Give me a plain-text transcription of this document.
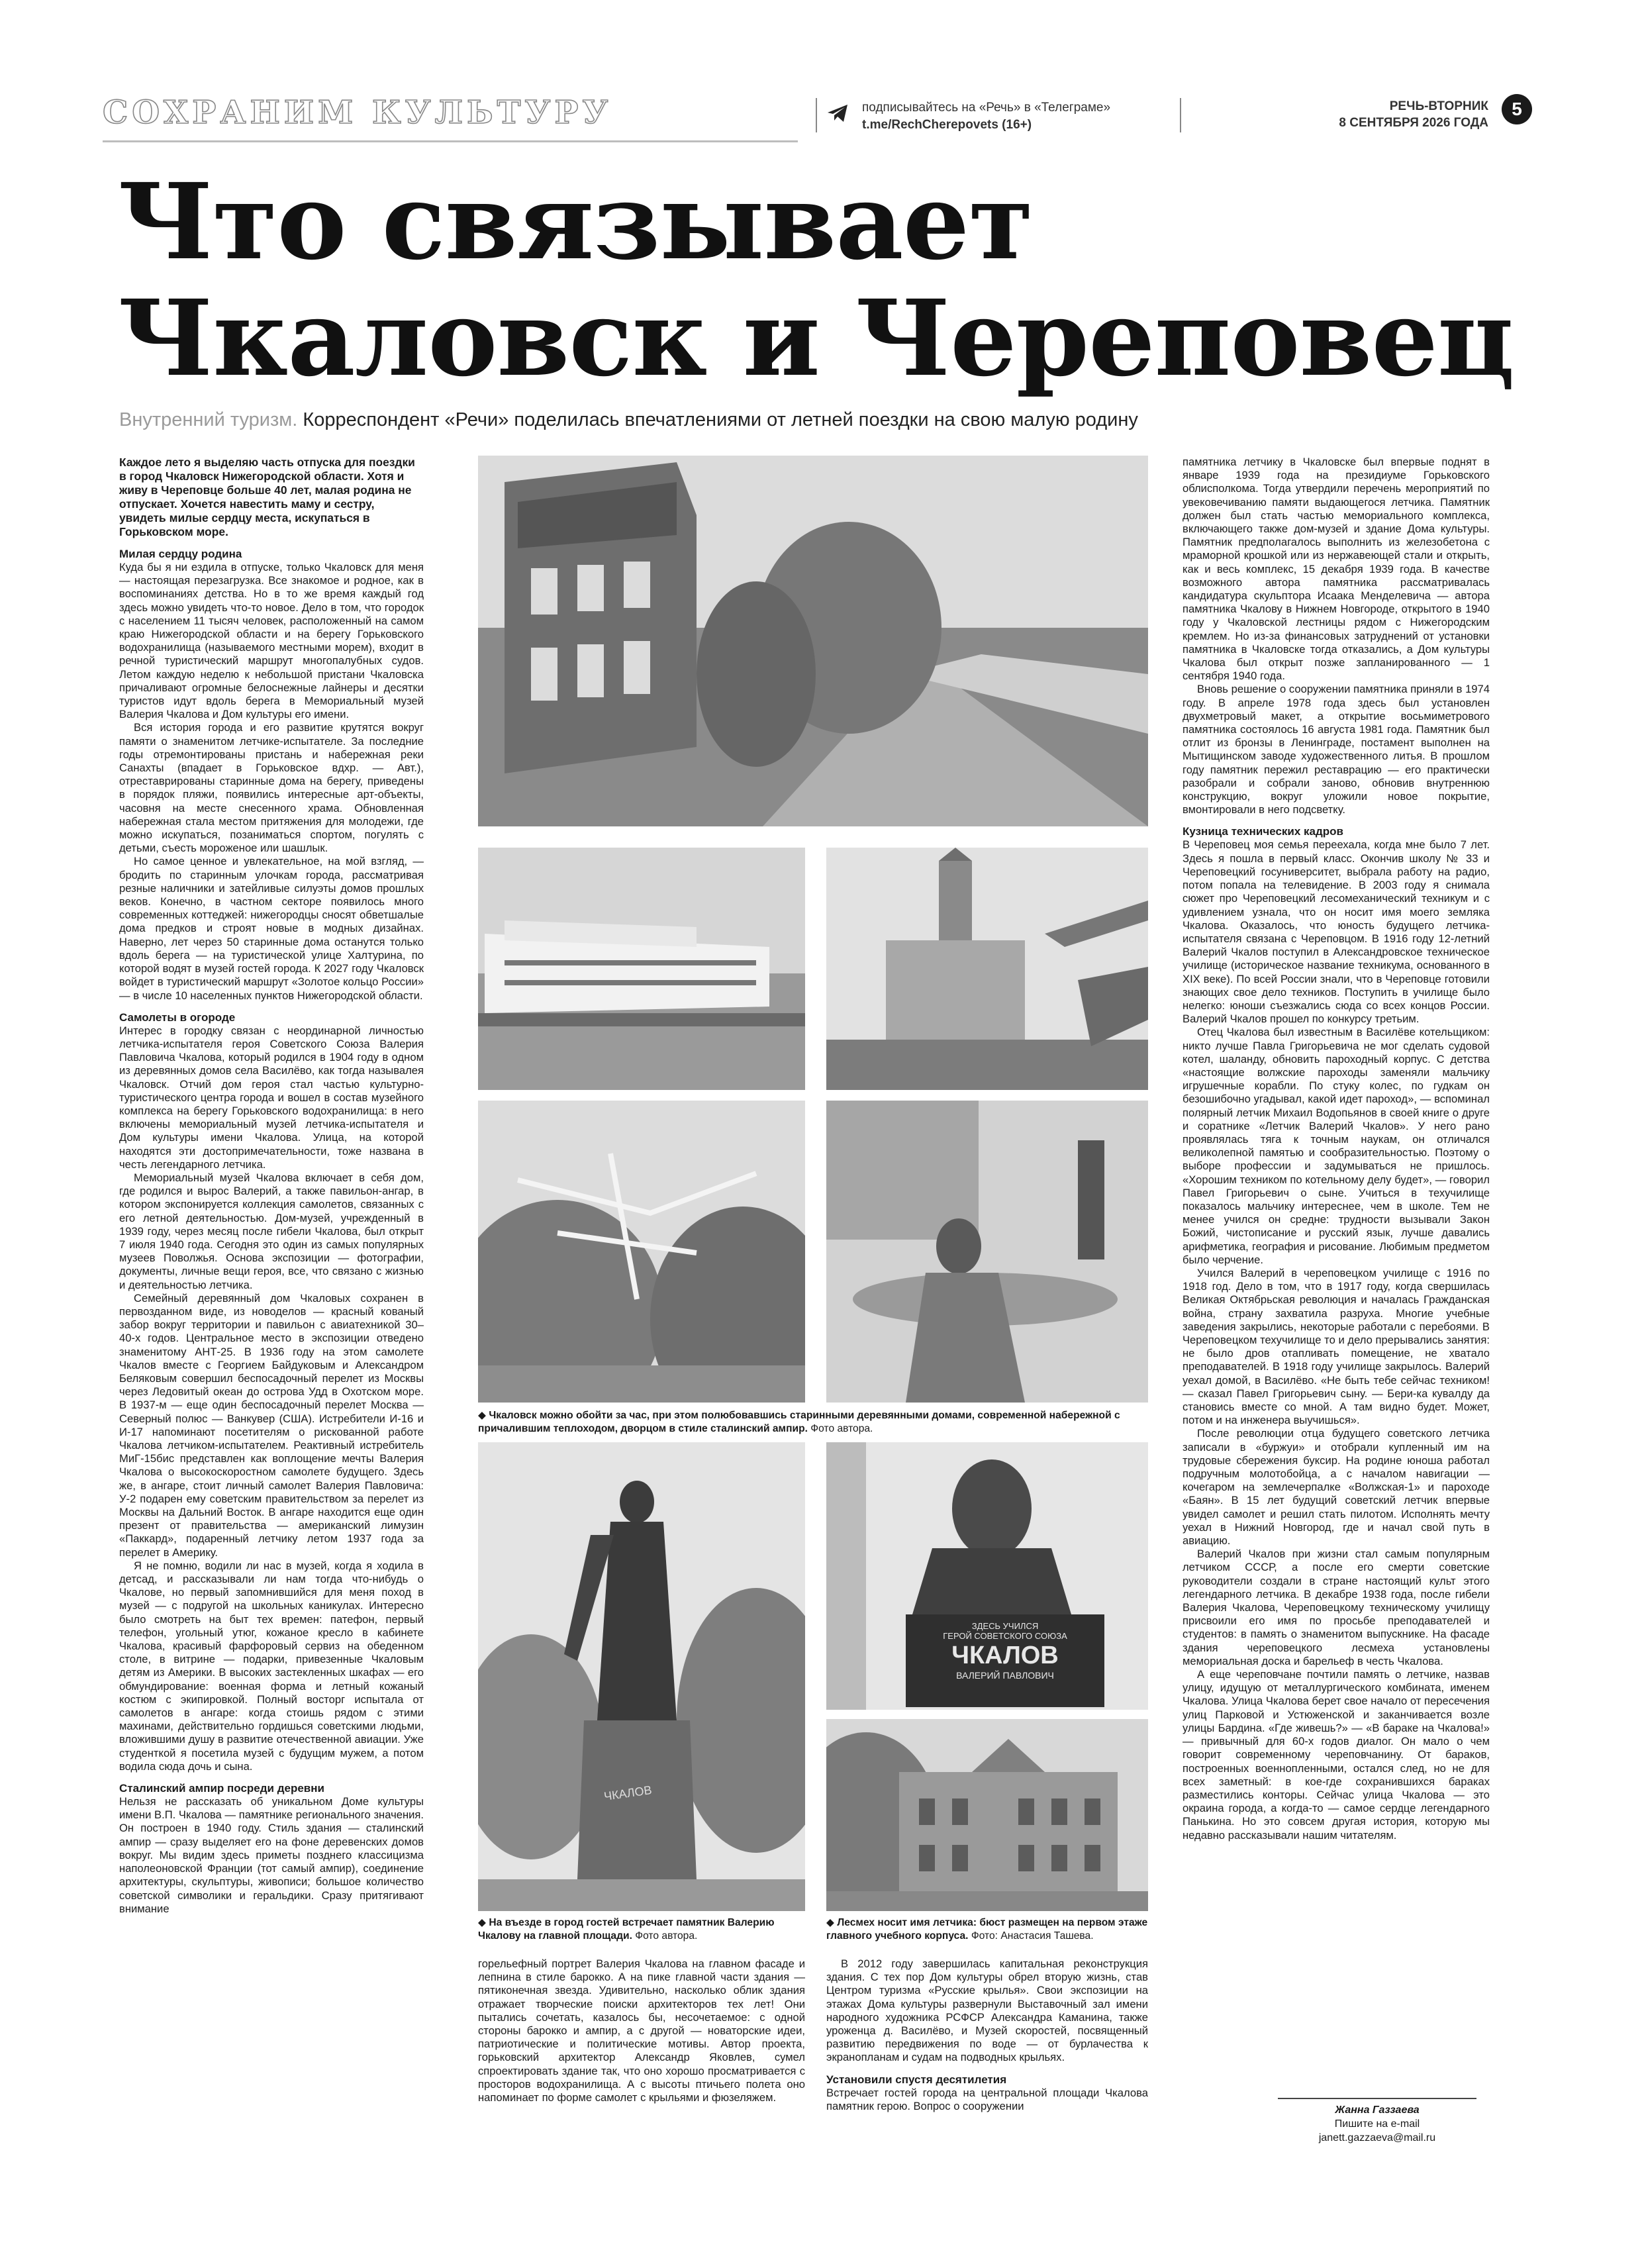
СОХРАНИМ КУЛЬТУРУ	подписывайтесь на «Речь» в «Телеграме»
t.me/RechCherepovets (16+)
РЕЧЬ-ВТОРНИК
8 СЕНТЯБРЯ 2026 ГОДА
5
Что связывает
Чкаловск и Череповец
Внутренний туризм. Корреспондент «Речи» поделилась впечатлениями от летней поездки на свою малую родину

Каждое лето я выделяю часть отпуска для поездки в город Чкаловск Нижегородской области. Хотя и живу в Череповце больше 40 лет, малая родина не отпускает. Хочется навестить маму и сестру, увидеть милые сердцу места, искупаться в Горьковском море.

Милая сердцу родина

Куда бы я ни ездила в отпуске, только Чкаловск для меня — настоящая перезагрузка. Все знакомое и родное, как в воспоминаниях детства. Но в то же время каждый год здесь можно увидеть что-то новое. Дело в том, что городок с населением 11 тысяч человек, расположенный на самом краю Нижегородской области и на берегу Горьковского водохранилища (называемого местными морем), входит в речной туристический маршрут многопалубных судов. Летом каждую неделю к небольшой пристани Чкаловска причаливают огромные белоснежные лайнеры и десятки туристов идут вдоль берега в Мемориальный музей Валерия Чкалова и Дом культуры его имени.

Вся история города и его развитие крутятся вокруг памяти о знаменитом летчике-испытателе. За последние годы отремонтированы пристань и набережная реки Санахты (впадает в Горьковское вдхр. — Авт.), отреставрированы старинные дома на берегу, приведены в порядок пляжи, появились интересные арт-объекты, часовня на месте снесенного храма. Обновленная набережная стала местом притяжения для молодежи, где можно искупаться, позаниматься спортом, погулять с детьми, съесть мороженое или шашлык.

Но самое ценное и увлекательное, на мой взгляд, — бродить по старинным улочкам города, рассматривая резные наличники и затейливые силуэты домов прошлых веков. Конечно, в частном секторе появилось много современных коттеджей: нижегородцы сносят обветшалые дома предков и строят новые в модных дизайнах. Наверно, лет через 50 старинные дома останутся только вдоль берега — на туристической улице Халтурина, по которой водят в музей гостей города. К 2027 году Чкаловск войдет в туристический маршрут «Золотое кольцо России» — в числе 10 населенных пунктов Нижегородской области.

Самолеты в огороде

Интерес в городку связан с неординарной личностью летчика-испытателя героя Советского Союза Валерия Павловича Чкалова, который родился в 1904 году в одном из деревянных домов села Василёво, как тогда называлея Чкаловск. Отчий дом героя стал частью культурно-туристического центра города и вошел в состав музейного комплекса на берегу Горьковского водохранилища: в него включены мемориальный музей летчика-испытателя и Дом культуры имени Чкалова. Улица, на которой находятся эти достопримечательности, тоже названа в честь легендарного летчика.

Мемориальный музей Чкалова включает в себя дом, где родился и вырос Валерий, а также павильон-ангар, в котором экспонируется коллекция самолетов, связанных с его летной деятельностью. Дом-музей, учрежденный в 1939 году, через месяц после гибели Чкалова, был открыт 7 июля 1940 года. Сегодня это один из самых популярных музеев Поволжья. Основа экспозиции — фотографии, документы, личные вещи героя, все, что связано с жизнью и деятельностью летчика.

Семейный деревянный дом Чкаловых сохранен в первозданном виде, из новоделов — красный кованый забор вокруг территории и павильон с авиатехникой 30–40-х годов. Центральное место в экспозиции отведено знаменитому АНТ-25. В 1936 году на этом самолете Чкалов вместе с Георгием Байдуковым и Александром Беляковым совершил беспосадочный перелет из Москвы через Ледовитый океан до острова Удд в Охотском море. В 1937-м — еще один беспосадочный перелет Москва — Северный полюс — Ванкувер (США). Истребители И-16 и И-17 напоминают посетителям о рискованной работе Чкалова летчиком-испытателем. Реактивный истребитель МиГ-15бис представлен как воплощение мечты Валерия Чкалова о высокоскоростном самолете будущего. Здесь же, в ангаре, стоит личный самолет Валерия Павловича: У-2 подарен ему советским правительством за перелет из Москвы на Дальний Восток. В ангаре находится еще один презент от правительства — американский лимузин «Паккард», подаренный летчику летом 1937 года за перелет в Америку.

Я не помню, водили ли нас в музей, когда я ходила в детсад, и рассказывали ли нам тогда что-нибудь о Чкалове, но первый запомнившийся для меня поход в музей — с подругой на школьных каникулах. Интересно было смотреть на быт тех времен: патефон, первый телефон, угольный утюг, кожаное кресло в кабинете Чкалова, красивый фарфоровый сервиз на обеденном столе, в витрине — подарки, привезенные Чкаловым детям из Америки. В высоких застекленных шкафах — его обмундирование: военная форма и летный кожаный костюм с экипировкой. Полный восторг испытала от самолетов в ангаре: когда стоишь рядом с этими махинами, действительно гордишься советскими людьми, вложившими душу в развитие отечественной авиации. Уже студенткой я посетила музей с будущим мужем, а потом водила сюда дочь и сына.

Сталинский ампир посреди деревни

Нельзя не рассказать об уникальном Доме культуры имени В.П. Чкалова — памятнике регионального значения. Он построен в 1940 году. Стиль здания — сталинский ампир — сразу выделяет его на фоне деревенских домов вокруг. Мы видим здесь приметы позднего классицизма наполеоновской Франции (тот самый ампир), соединение архитектуры, скульптуры, живописи; большое количество советской символики и геральдики. Сразу притягивают внимание

◆ Чкаловск можно обойти за час, при этом полюбовавшись старинными деревянными домами, современной набережной с причалившим теплоходом, дворцом в стиле сталинский ампир. Фото автора.
ЧКАЛОВ
ЗДЕСЬ УЧИЛСЯ
ГЕРОЙ СОВЕТСКОГО СОЮЗА
ЧКАЛОВ
ВАЛЕРИЙ ПАВЛОВИЧ
◆ На въезде в город гостей встречает памятник Валерию Чкалову на главной площади. Фото автора.
◆ Лесмех носит имя летчика: бюст размещен на первом этаже главного учебного корпуса. Фото: Анастасия Ташева.

горельефный портрет Валерия Чкалова на главном фасаде и лепнина в стиле барокко. А на пике главной части здания — пятиконечная звезда. Удивительно, насколько облик здания отражает творческие поиски архитекторов тех лет! Они пытались сочетать, казалось бы, несочетаемое: с одной стороны барокко и ампир, а с другой — новаторские идеи, патриотические и политические мотивы. Автор проекта, горьковский архитектор Александр Яковлев, сумел спроектировать здание так, что оно хорошо просматривается с просторов водохранилища. А с высоты птичьего полета оно напоминает по форме самолет с крыльями и фюзеляжем.

В 2012 году завершилась капитальная реконструкция здания. С тех пор Дом культуры обрел вторую жизнь, став Центром туризма «Русские крылья». Свои экспозиции на этажах Дома культуры развернули Выставочный зал имени народного художника РСФСР Александра Каманина, также уроженца д. Василёво, и Музей скоростей, посвященный развитию передвижения по воде — от бурлачества к экранопланам и судам на подводных крыльях.

Установили спустя десятилетия

Встречает гостей города на центральной площади Чкалова памятник герою. Вопрос о сооружении

памятника летчику в Чкаловске был впервые поднят в январе 1939 года на президиуме Горьковского облисполкома. Тогда утвердили перечень мероприятий по увековечиванию памяти выдающегося летчика. Памятник должен был стать частью мемориального комплекса, включающего также дом-музей и здание Дома культуры. Памятник предполагалось выполнить из железобетона с мраморной крошкой или из нержавеющей стали и открыть, как и весь комплекс, 15 декабря 1939 года. В качестве возможного автора памятника рассматривалась кандидатура скульптора Исаака Менделевича — автора памятника Чкалову в Нижнем Новгороде, открытого в 1940 году у Чкаловской лестницы рядом с Нижегородским кремлем. Но из-за финансовых затруднений от установки памятника в Чкаловске тогда отказались, а Дом культуры Чкалова был открыт позже запланированного — 1 сентября 1940 года.

Вновь решение о сооружении памятника приняли в 1974 году. В апреле 1978 года здесь был установлен двухметровый макет, а открытие восьмиметрового памятника состоялось 16 августа 1981 года. Памятник был отлит из бронзы в Ленинграде, постамент выполнен на Мытищинском заводе художественного литья. В прошлом году памятник пережил реставрацию — его практически разобрали и собрали заново, обновив внутреннюю конструкцию, вокруг уложили новое покрытие, вмонтировали в него подсветку.

Кузница технических кадров

В Череповец моя семья переехала, когда мне было 7 лет. Здесь я пошла в первый класс. Окончив школу № 33 и Череповецкий госуниверситет, выбрала работу на радио, потом попала на телевидение. В 2003 году я снимала сюжет про Череповецкий лесомеханический техникум и с удивлением узнала, что он носит имя моего земляка Чкалова. Оказалось, что юность будущего летчика-испытателя связана с Череповцом. В 1916 году 12-летний Валерий Чкалов поступил в Александровское техническое училище (историческое название техникума, основанного в XIX веке). По всей России знали, что в Череповце готовили знающих свое дело техников. Поступить в училище было нелегко: юноши съезжались сюда со всех концов России. Валерий Чкалов прошел по конкурсу третьим.

Отец Чкалова был известным в Василёве котельщиком: никто лучше Павла Григорьевича не мог сделать судовой котел, шаланду, обновить пароходный корпус. С детства «настоящие волжские пароходы заменяли мальчику игрушечные корабли. По стуку колес, по гудкам он безошибочно угадывал, какой идет пароход», — вспоминал полярный летчик Михаил Водопьянов в своей книге о друге и соратнике «Летчик Валерий Чкалов». У него рано проявлялась тяга к точным наукам, он отличался великолепной памятью и сообразительностью. Поэтому о выборе профессии и задумываться не пришлось. «Хорошим техником по котельному делу будет», — говорил Павел Григорьевич о сыне. Учиться в техучилище показалось мальчику интереснее, чем в школе. Тем не менее учился он средне: трудности вызывали Закон Божий, чистописание и русский язык, лучше давались арифметика, география и рисование. Любимым предметом было черчение.

Учился Валерий в череповецком училище с 1916 по 1918 год. Дело в том, что в 1917 году, когда свершилась Великая Октябрьская революция и началась Гражданская война, страну захватила разруха. Многие учебные заведения закрылись, некоторые работали с перебоями. В Череповецком техучилище то и дело прерывались занятия: не было дров отапливать помещение, не хватало преподавателей. В 1918 году училище закрылось. Валерий уехал домой, в Василёво. «Не быть тебе сейчас техником! — сказал Павел Григорьевич сыну. — Бери-ка кувалду да становись вместе со мной. А там видно будет. Может, потом и на инженера выучишься».

После революции отца будущего советского летчика записали в «буржуи» и отобрали купленный им на трудовые сбережения буксир. На родине юноша работал подручным молотобойца, а с началом навигации — кочегаром на землечерпалке «Волжская-1» и пароходе «Баян». В 15 лет будущий советский летчик впервые увидел самолет и решил стать пилотом. Исполнять мечту уехал в Нижний Новгород, где и начал свой путь в авиацию.

Валерий Чкалов при жизни стал самым популярным летчиком СССР, а после его смерти советские руководители создали в стране настоящий культ этого легендарного летчика. В декабре 1938 года, после гибели Валерия Чкалова, Череповецкому техническому училищу присвоили его имя по просьбе преподавателей и студентов: в память о знаменитом выпускнике. На фасаде здания череповецкого лесмеха установлены мемориальная доска и барельеф в честь Чкалова.

А еще череповчане почтили память о летчике, назвав улицу, идущую от металлургического комбината, именем Чкалова. Улица Чкалова берет свое начало от пересечения улиц Парковой и Устюженской и заканчивается возле улицы Бардина. «Где живешь?» — «В бараке на Чкалова!» — привычный для 60-х годов диалог. Он мало о чем говорит современному череповчанину. От бараков, построенных военнопленными, остался след, но не для всех заметный: в кое-где сохранившихся бараках разместились конторы. Сейчас улица Чкалова — это окраина города, а когда-то — самое сердце легендарного Панькина. Но это совсем другая история, которую мы недавно рассказывали нашим читателям.

Жанна Газзаева
Пишите на e-mail
janett.gazzaeva@mail.ru
